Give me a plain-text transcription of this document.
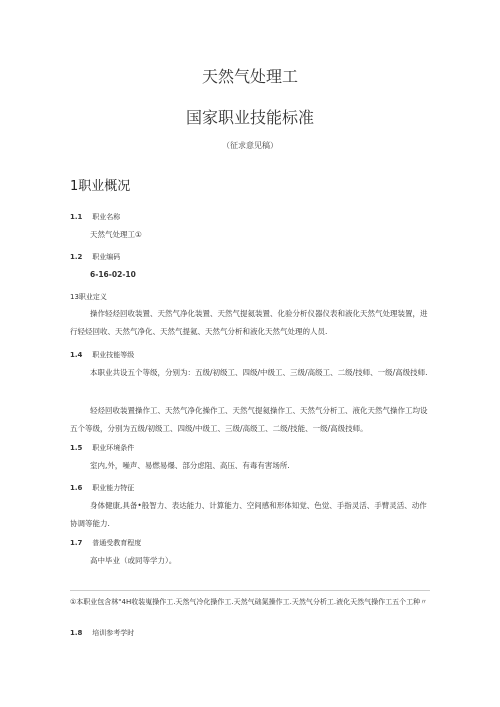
天然气处理工
国家职业技能标准
（征求意见稿）
1职业概况
1.1 职业名称
天然气处理工①
1.2 职业编码
6-16-02-10
13职业定义
操作轻烃回收装置、天然气净化装置、天然气提氦装置、化验分析仪器仪表和液化天然气处理装置，进行轻烃回收、天然气净化、天然气提氦、天然气分析和液化天然气处理的人员.
1.4 职业技能等级
本职业共设五个等级，分别为：五级/初级工、四级/中级工、三级/高级工、二级/技师、一级/高级技师.
轻烃回收装置操作工、天然气净化操作工、天然气提氦操作工、天然气分析工、液化天然气操作工均设五个等级，分别为五级/初级工、四级/中级工、三级/高级工、二级/技能、一级/高级技师。
1.5 职业环境条件
室内,外，噪声、易燃易爆、部分虑阻、高压、有毒有害场所.
1.6 职业能力特征
身体健康,具备•般智力、表达能力、计算能力、空间感和形体知觉、色觉、手指灵活、手臂灵活、动作协调等能力.
1.7 普通受教育程度
高中毕业（或同等学力）。
①本职业包含林"4H收装嵬操作工.天然气冷化操作工.天然气础氮操作工.天然气分析工.液化天然气操作工五个工种〃
1.8 培训参考学时
